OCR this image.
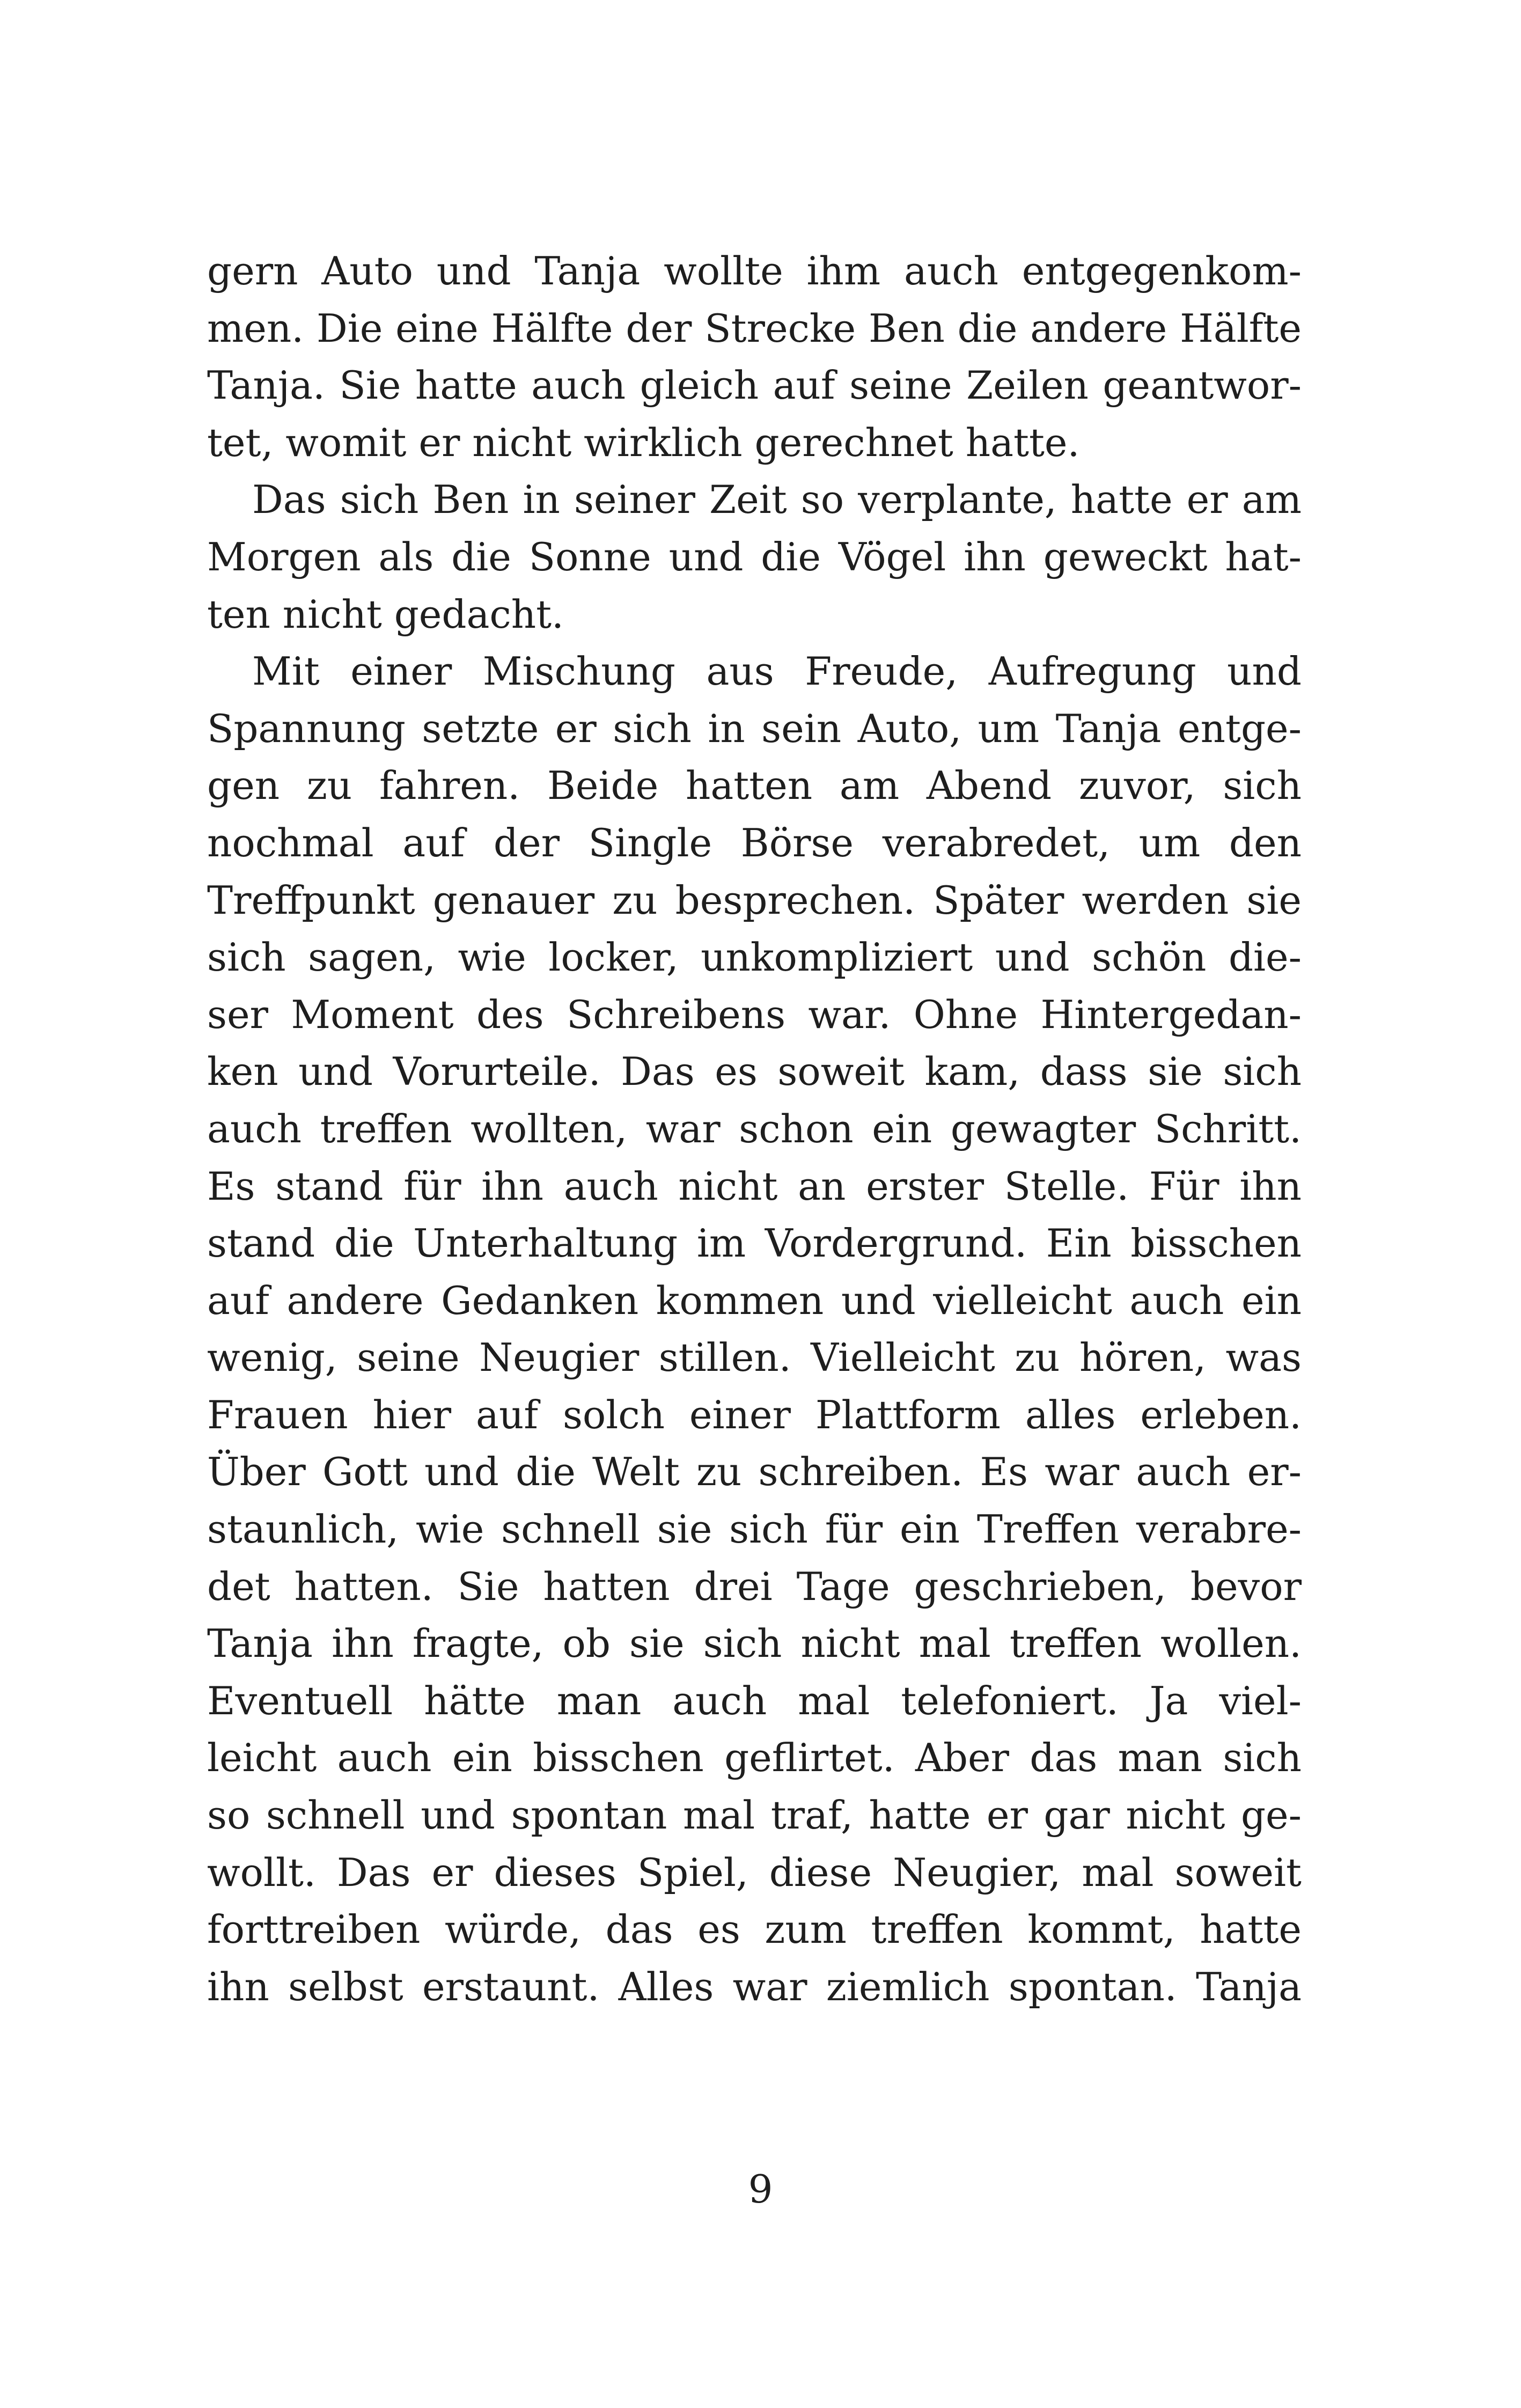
gern Auto und Tanja wollte ihm auch entgegenkom-
men. Die eine Hälfte der Strecke Ben die andere Hälfte
Tanja. Sie hatte auch gleich auf seine Zeilen geantwor-
tet, womit er nicht wirklich gerechnet hatte.
Das sich Ben in seiner Zeit so verplante, hatte er am
Morgen als die Sonne und die Vögel ihn geweckt hat-
ten nicht gedacht.
Mit einer Mischung aus Freude, Aufregung und
Spannung setzte er sich in sein Auto, um Tanja entge-
gen zu fahren. Beide hatten am Abend zuvor, sich
nochmal auf der Single Börse verabredet, um den
Treffpunkt genauer zu besprechen. Später werden sie
sich sagen, wie locker, unkompliziert und schön die-
ser Moment des Schreibens war. Ohne Hintergedan-
ken und Vorurteile. Das es soweit kam, dass sie sich
auch treffen wollten, war schon ein gewagter Schritt.
Es stand für ihn auch nicht an erster Stelle. Für ihn
stand die Unterhaltung im Vordergrund. Ein bisschen
auf andere Gedanken kommen und vielleicht auch ein
wenig, seine Neugier stillen. Vielleicht zu hören, was
Frauen hier auf solch einer Plattform alles erleben.
Über Gott und die Welt zu schreiben. Es war auch er-
staunlich, wie schnell sie sich für ein Treffen verabre-
det hatten. Sie hatten drei Tage geschrieben, bevor
Tanja ihn fragte, ob sie sich nicht mal treffen wollen.
Eventuell hätte man auch mal telefoniert. Ja viel-
leicht auch ein bisschen geflirtet. Aber das man sich
so schnell und spontan mal traf, hatte er gar nicht ge-
wollt. Das er dieses Spiel, diese Neugier, mal soweit
forttreiben würde, das es zum treffen kommt, hatte
ihn selbst erstaunt. Alles war ziemlich spontan. Tanja
9
